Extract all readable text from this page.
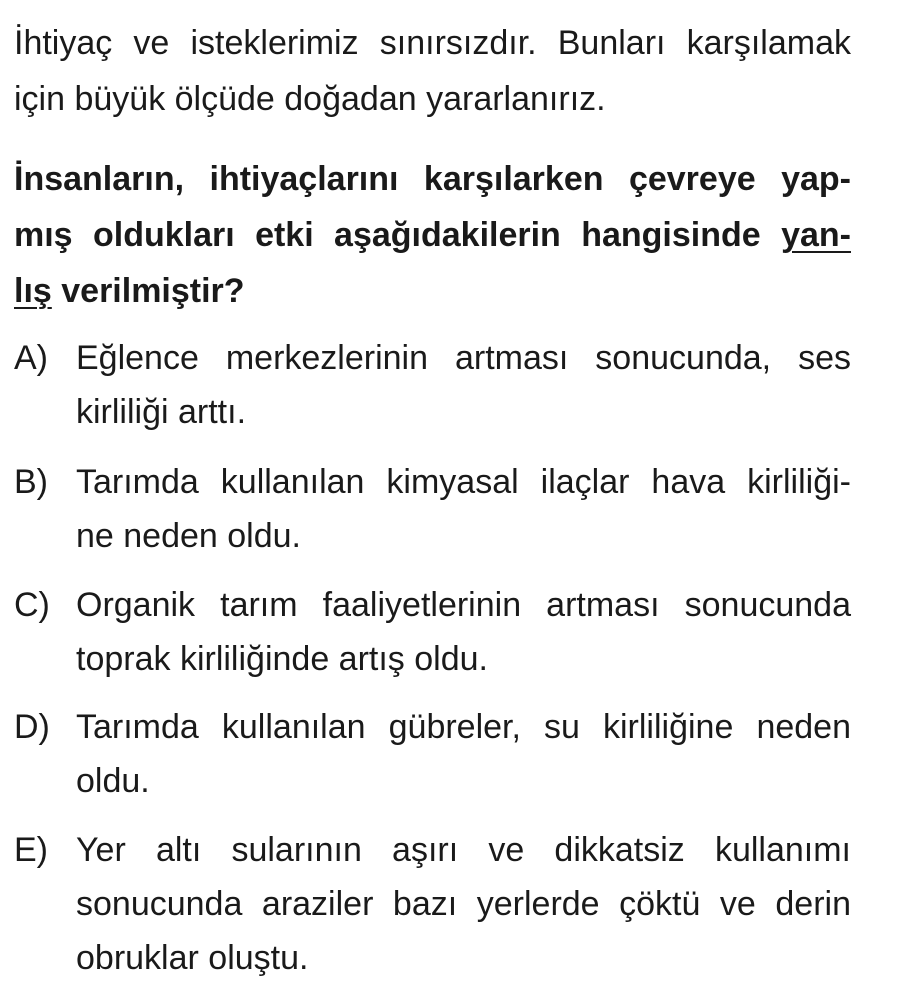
İhtiyaç ve isteklerimiz sınırsızdır. Bunları karşılamak
için büyük ölçüde doğadan yararlanırız.
İnsanların, ihtiyaçlarını karşılarken çevreye yap-
mış oldukları etki aşağıdakilerin hangisinde yan-
lış verilmiştir?
A) Eğlence merkezlerinin artması sonucunda, ses
kirliliği arttı.
B) Tarımda kullanılan kimyasal ilaçlar hava kirliliği-
ne neden oldu.
C) Organik tarım faaliyetlerinin artması sonucunda
toprak kirliliğinde artış oldu.
D) Tarımda kullanılan gübreler, su kirliliğine neden
oldu.
E) Yer altı sularının aşırı ve dikkatsiz kullanımı
sonucunda araziler bazı yerlerde çöktü ve derin
obruklar oluştu.
